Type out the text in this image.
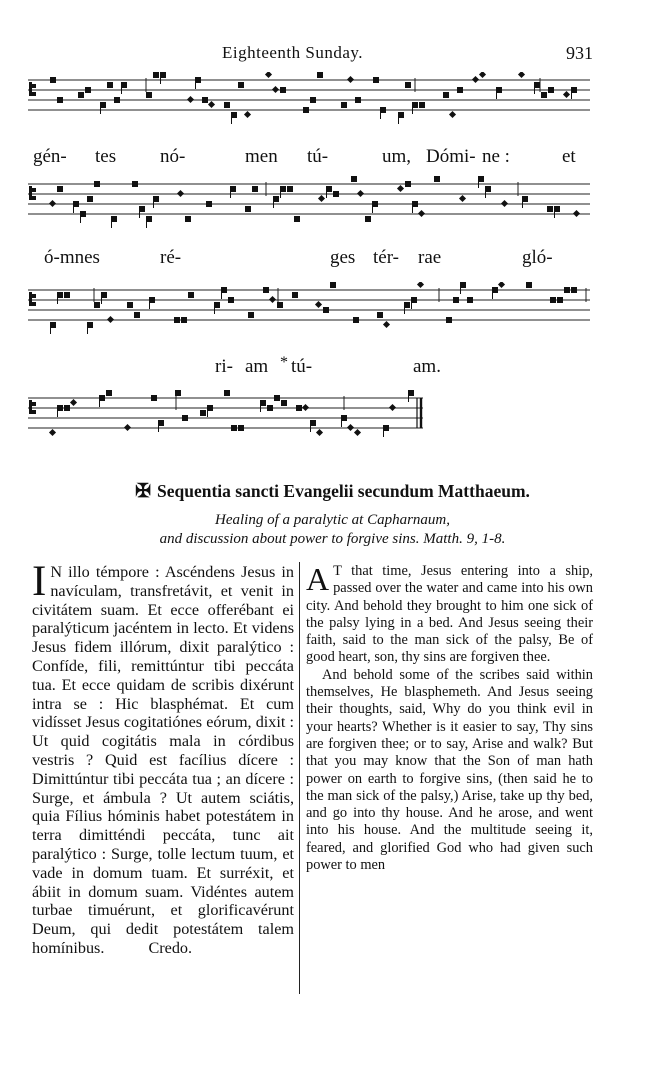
Eighteenth Sunday.	931
gén- tes nó-	men tú-	um, Dómi- ne :	et
ó-mnes	ré-	ges tér- rae	gló-
ri- am * tú-	am.
✠ Sequentia sancti Evangelii secundum Matthaeum.
Healing of a paralytic at Capharnaum,
and discussion about power to forgive sins. Matth. 9, 1-8.

I N illo témpore : Ascéndens Jesus in navículam, transfretávit, et venit in civitátem suam. Et ecce offerébant ei paralýticum jacéntem in lecto. Et videns Jesus fidem illórum, dixit paralýtico : Confíde, fili, remittúntur tibi peccáta tua. Et ecce quidam de scribis dixérunt intra se : Hic blasphémat. Et cum vidísset Jesus cogitatiónes eórum, dixit : Ut quid cogitátis mala in córdibus vestris ? Quid est facílius dícere : Dimittúntur tibi peccáta tua ; an dícere : Surge, et ámbula ? Ut autem sciátis, quia Fílius hóminis habet potestátem in terra dimitténdi peccáta, tunc ait paralýtico : Surge, tolle lectum tuum, et vade in domum tuam. Et surréxit, et ábiit in domum suam. Vidéntes autem turbae timuérunt, et glorificavérunt Deum, qui dedit potestátem talem homínibus.	Credo.

A T that time, Jesus entering into a ship, passed over the water and came into his own city. And behold they brought to him one sick of the palsy lying in a bed. And Jesus seeing their faith, said to the man sick of the palsy, Be of good heart, son, thy sins are forgiven thee.

And behold some of the scribes said within themselves, He blasphemeth. And Jesus seeing their thoughts, said, Why do you think evil in your hearts? Whether is it easier to say, Thy sins are forgiven thee; or to say, Arise and walk? But that you may know that the Son of man hath power on earth to forgive sins, (then said he to the man sick of the palsy,) Arise, take up thy bed, and go into thy house. And he arose, and went into his house. And the multitude seeing it, feared, and glorified God who had given such power to men
